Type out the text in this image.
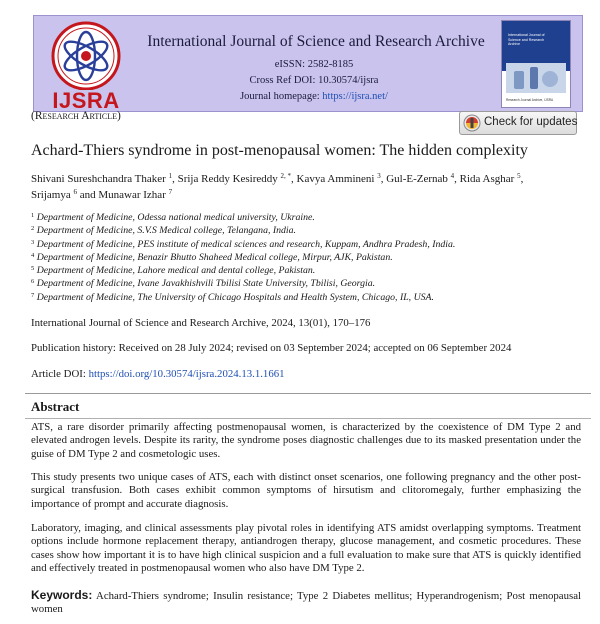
IJSRA
International Journal of Science and Research Archive
eISSN: 2582-8185
Cross Ref DOI: 10.30574/ijsra
Journal homepage: https://ijsra.net/
International Journal of Science and Research Archive
Research Journal Archive, IJSRA
(Research Article)	Check for updates
Achard-Thiers syndrome in post-menopausal women: The hidden complexity
Shivani Sureshchandra Thaker $^1$, Srija Reddy Kesireddy $^{2, *}$, Kavya Ammineni $^3$, Gul-E-Zernab $^4$, Rida Asghar $^5$,
Srijamya $^6$ and Munawar Izhar $^7$
$^1$ Department of Medicine, Odessa national medical university, Ukraine.
$^2$ Department of Medicine, S.V.S Medical college, Telangana, India.
$^3$ Department of Medicine, PES institute of medical sciences and research, Kuppam, Andhra Pradesh, India.
$^4$ Department of Medicine, Benazir Bhutto Shaheed Medical college, Mirpur, AJK, Pakistan.
$^5$ Department of Medicine, Lahore medical and dental college, Pakistan.
$^6$ Department of Medicine, Ivane Javakhishvili Tbilisi State University, Tbilisi, Georgia.
$^7$ Department of Medicine, The University of Chicago Hospitals and Health System, Chicago, IL, USA.
International Journal of Science and Research Archive, 2024, 13(01), 170–176
Publication history: Received on 28 July 2024; revised on 03 September 2024; accepted on 06 September 2024
Article DOI: https://doi.org/10.30574/ijsra.2024.13.1.1661
Abstract
ATS, a rare disorder primarily affecting postmenopausal women, is characterized by the coexistence of DM Type 2 and elevated androgen levels. Despite its rarity, the syndrome poses diagnostic challenges due to its masked presentation under the guise of DM Type 2 and cosmetologic uses.
This study presents two unique cases of ATS, each with distinct onset scenarios, one following pregnancy and the other post-surgical transfusion. Both cases exhibit common symptoms of hirsutism and clitoromegaly, further emphasizing the importance of prompt and accurate diagnosis.
Laboratory, imaging, and clinical assessments play pivotal roles in identifying ATS amidst overlapping symptoms. Treatment options include hormone replacement therapy, antiandrogen therapy, glucose management, and cosmetic procedures. These cases show how important it is to have high clinical suspicion and a full evaluation to make sure that ATS is quickly identified and effectively treated in postmenopausal women who also have DM Type 2.
Keywords: Achard-Thiers syndrome; Insulin resistance; Type 2 Diabetes mellitus; Hyperandrogenism; Post menopausal women
